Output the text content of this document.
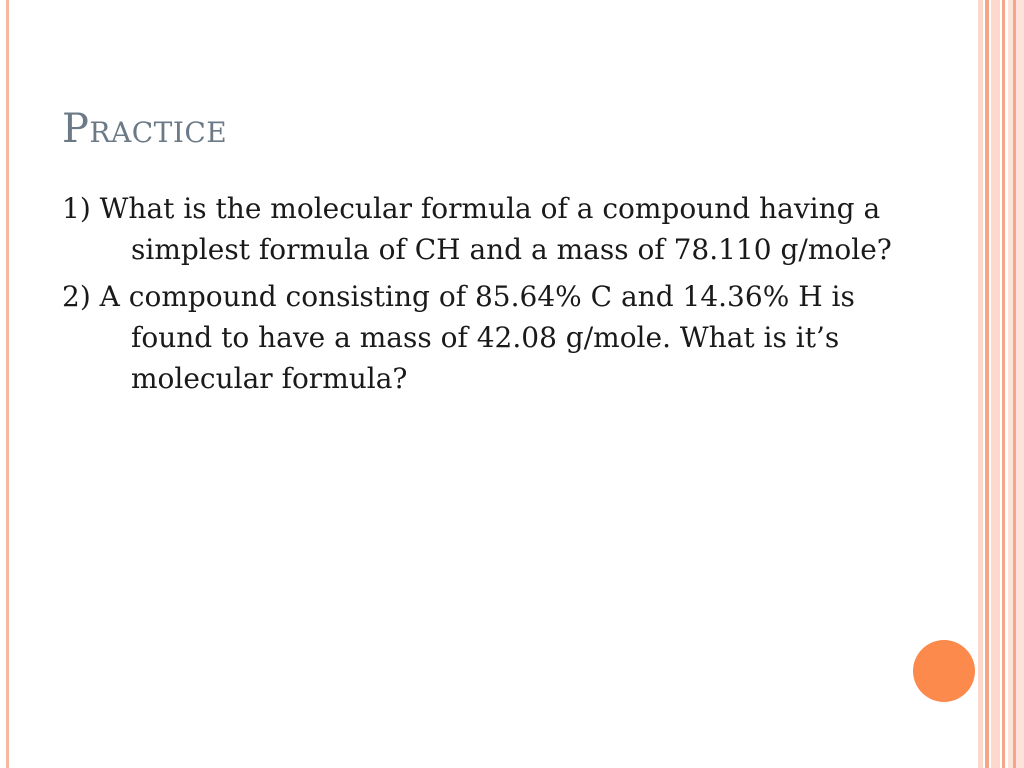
Practice

1) What is the molecular formula of a compound having a simplest formula of CH and a mass of 78.110 g/mole?

2) A compound consisting of 85.64% C and 14.36% H is found to have a mass of 42.08 g/mole. What is it’s molecular formula?
